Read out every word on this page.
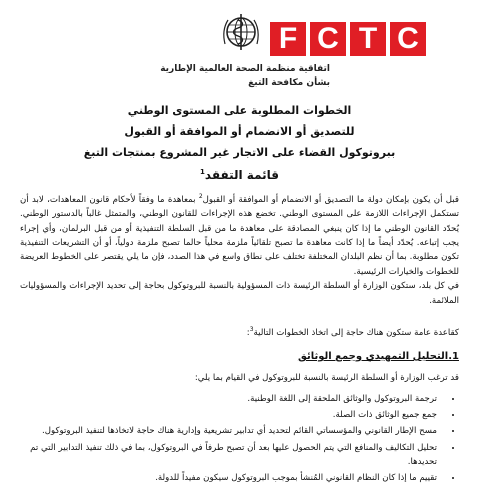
F C T C
اتفاقية منظمة الصحة العالمية الإطارية
بشأن مكافحة التبغ
الخطوات المطلوبة على المستوى الوطني
للتصديق أو الانضمام أو الموافقة أو القبول
ببروتوكول القضاء على الاتجار غير المشروع بمنتجات التبغ
قائمة التفقد$^1$

قبل أن يكون بإمكان دولة ما التصديق أو الانضمام أو الموافقة أو القبول$^2$ بمعاهدة ما وفقاً لأحكام قانون المعاهدات، لابد أن تستكمل الإجراءات اللازمة على المستوى الوطني. تخضع هذه الإجراءات للقانون الوطني، والمتمثل غالباً بالدستور الوطني. يُحدّد القانون الوطني ما إذا كان ينبغي المصادقة على معاهدة ما من قبل السلطة التنفيذية أو من قبل البرلمان، وأي إجراء يجب إتباعه. يُحدّد أيضاً ما إذا كانت معاهدة ما تصبح تلقائياً ملزمة محلياً حالما تصبح ملزمة دولياً، أو أن التشريعات التنفيذية تكون مطلوبة. بما أن نظم البلدان المختلفة تختلف على نطاق واسع في هذا الصدد، فإن ما يلي يقتصر على الخطوط العريضة للخطوات والخيارات الرئيسية.

في كل بلد، ستكون الوزارة أو السلطة الرئيسة ذات المسؤولية بالنسبة للبروتوكول بحاجة إلى تحديد الإجراءات والمسؤوليات الملائمة.

كقاعدة عامة ستكون هناك حاجة إلى اتخاذ الخطوات التالية$^3$:
1.التحليل التمهيدي وجمع الوثائق
قد ترغب الوزارة أو السلطة الرئيسة بالنسبة للبروتوكول في القيام بما يلي:
• ترجمة البروتوكول والوثائق الملحقة إلى اللغة الوطنية.
• جمع جميع الوثائق ذات الصلة.
• مسح الإطار القانوني والمؤسساتي القائم لتحديد أي تدابير تشريعية وإدارية هناك حاجة لاتخاذها لتنفيذ البروتوكول.
• تحليل التكاليف والمنافع التي يتم الحصول عليها بعد أن تصبح طرفاً في البروتوكول، بما في ذلك تنفيذ التدابير التي تم تحديدها.
• تقييم ما إذا كان النظام القانوني المُنشأ بموجب البروتوكول سيكون مفيداً للدولة.
